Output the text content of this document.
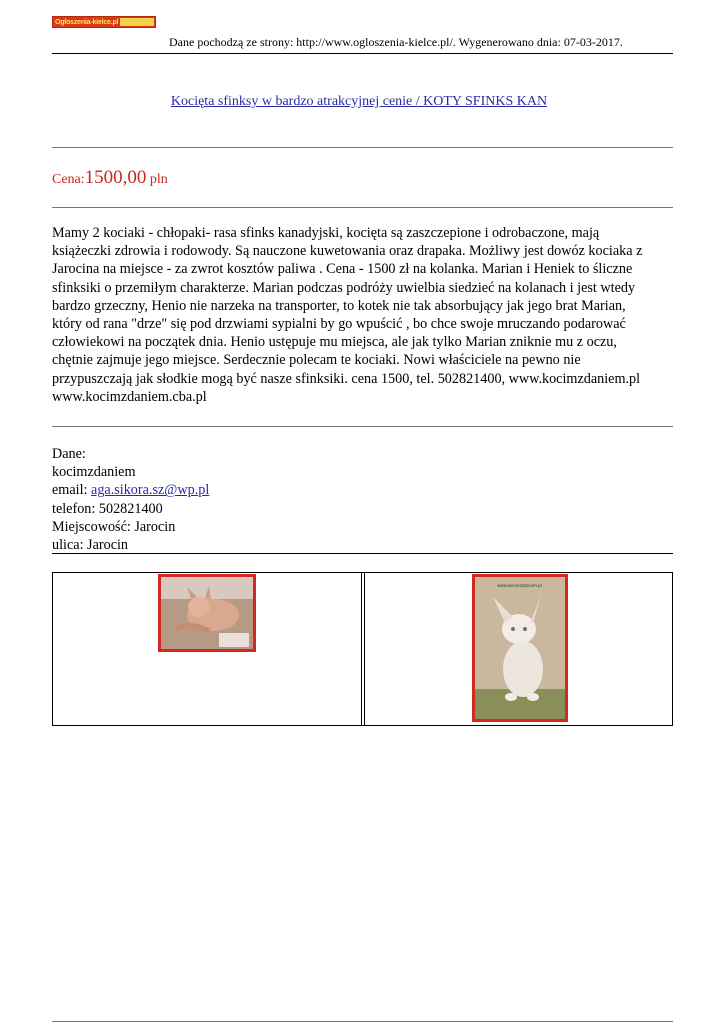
Ogłoszenia-kielce.pl
Dane pochodzą ze strony: http://www.ogloszenia-kielce.pl/. Wygenerowano dnia: 07-03-2017.
Kocięta sfinksy w bardzo atrakcyjnej cenie / KOTY SFINKS KAN
Cena:1500,00 pln
Mamy 2 kociaki - chłopaki- rasa sfinks kanadyjski, kocięta są zaszczepione i odrobaczone, mają
książeczki zdrowia i rodowody. Są nauczone kuwetowania oraz drapaka. Możliwy jest dowóz kociaka z
Jarocina na miejsce - za zwrot kosztów paliwa . Cena - 1500 zł na kolanka. Marian i Heniek to śliczne
sfinksiki o przemiłym charakterze. Marian podczas podróży uwielbia siedzieć na kolanach i jest wtedy
bardzo grzeczny, Henio nie narzeka na transporter, to kotek nie tak absorbujący jak jego brat Marian,
który od rana "drze" się pod drzwiami sypialni by go wpuścić , bo chce swoje mruczando podarować
człowiekowi na początek dnia. Henio ustępuje mu miejsca, ale jak tylko Marian zniknie mu z oczu,
chętnie zajmuje jego miejsce. Serdecznie polecam te kociaki. Nowi właściciele na pewno nie
przypuszczają jak słodkie mogą być nasze sfinksiki. cena 1500, tel. 502821400, www.kocimzdaniem.pl
www.kocimzdaniem.cba.pl
Dane:
kocimzdaniem
email: aga.sikora.sz@wp.pl
telefon: 502821400
Miejscowość: Jarocin
ulica: Jarocin
www.kocimzdaniem.pl
